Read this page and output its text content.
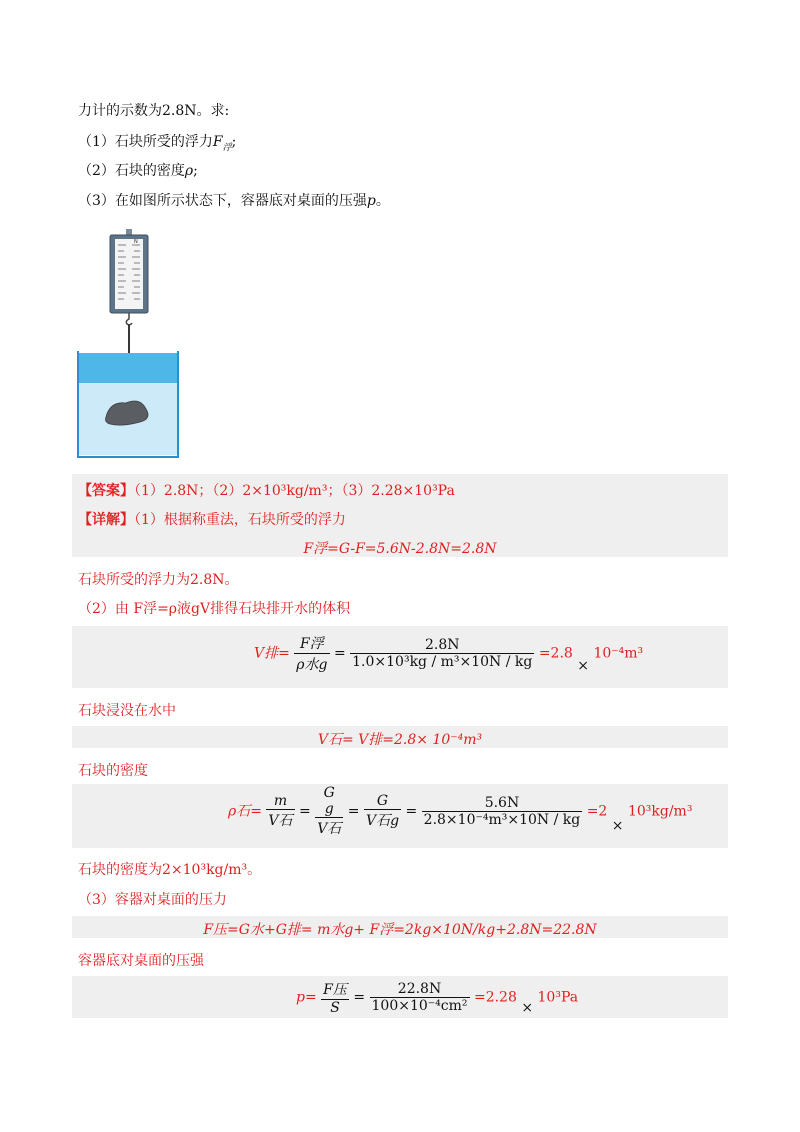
力计的示数为2.8N。求:
（1）石块所受的浮力$F_浮$;
（2）石块的密度ρ;
（3）在如图所示状态下，容器底对桌面的压强p。
N
【答案】（1）2.8N；（2）2×10³kg/m³；（3）2.28×10³Pa
【详解】（1）根据称重法，石块所受的浮力
F浮=G-F=5.6N-2.8N=2.8N
石块所受的浮力为2.8N。
（2）由 F浮=ρ液gV排得石块排开水的体积
V排= $\frac{\text{F浮}}{\text{ρ水g}} = \frac{2.8N}{\text{1.0×10³kg / m³×10N / kg}} =2.8 \times 10^{-4}m^3$
石块浸没在水中
V石= V排=2.8× 10⁻⁴m³
石块的密度
ρ石= $\frac{m}{\text{V石}}$ =
G
g
V石
= $\frac{G}{\text{V石g}} = \frac{5.6N}{\text{2.8×10⁻⁴m³×10N / kg}} =2 \times 10^3kg/m^3$
石块的密度为2×10³kg/m³。
（3）容器对桌面的压力
F压=G水+G排= m水g+ F浮=2kg×10N/kg+2.8N=22.8N
容器底对桌面的压强
$p= \frac{\text{F压}}{S} = \frac{22.8N}{\text{100×10⁻⁴cm²}} =2.28 \times 10^3Pa$
